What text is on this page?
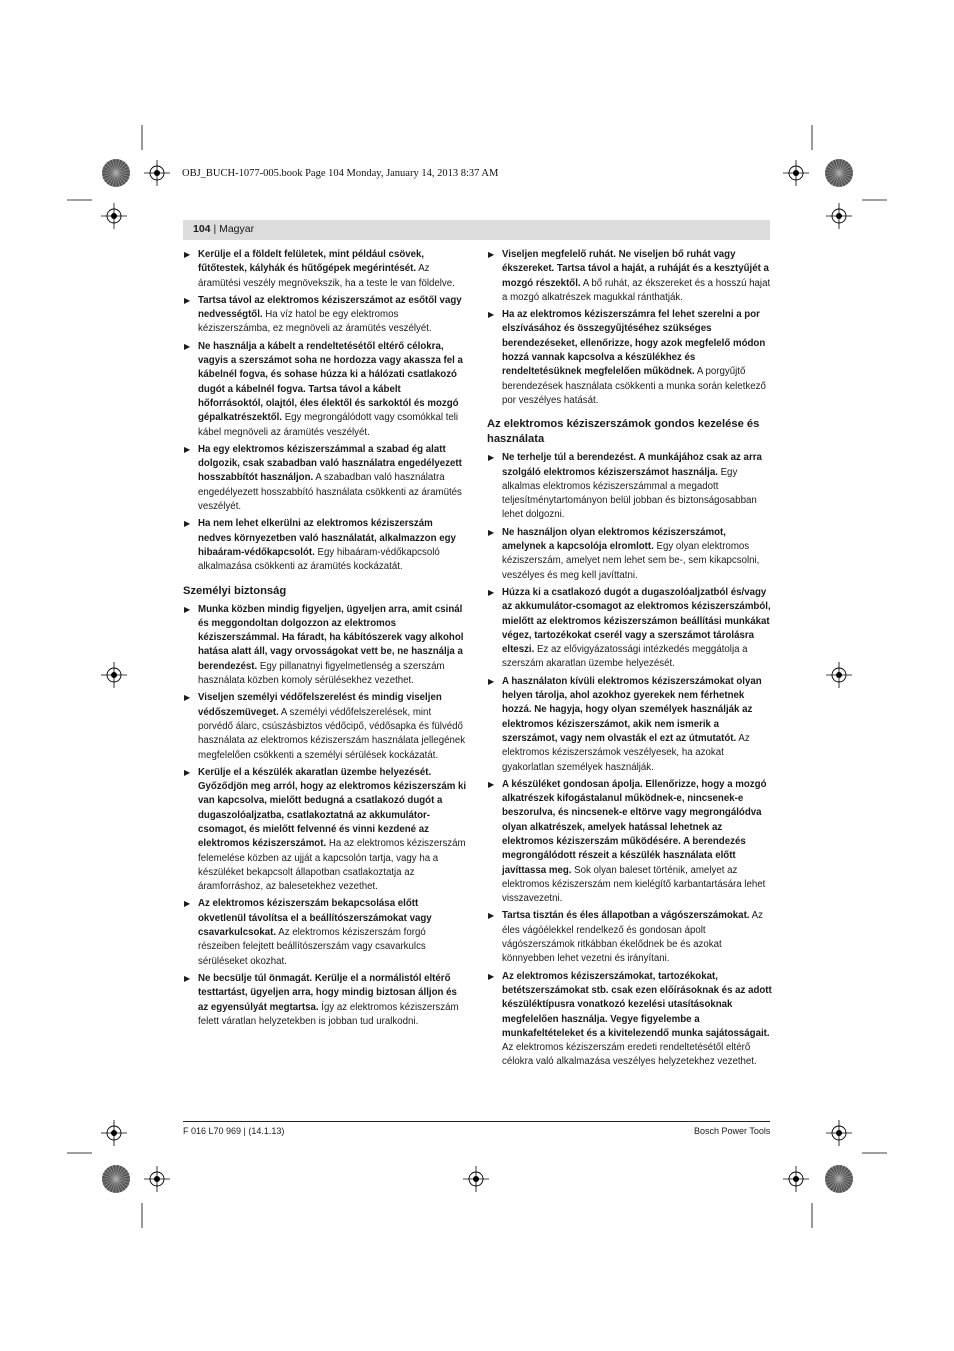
OBJ_BUCH-1077-005.book Page 104 Monday, January 14, 2013 8:37 AM
104 | Magyar
▶ Kerülje el a földelt felületek, mint például csövek, fűtőtestek, kályhák és hűtőgépek megérintését. Az áramütési veszély megnövekszik, ha a teste le van földelve.
▶ Tartsa távol az elektromos kéziszerszámot az esőtől vagy nedvességtől. Ha víz hatol be egy elektromos kéziszerszámba, ez megnöveli az áramütés veszélyét.
▶ Ne használja a kábelt a rendeltetésétől eltérő célokra, vagyis a szerszámot soha ne hordozza vagy akassza fel a kábelnél fogva, és sohase húzza ki a hálózati csatlakozó dugót a kábelnél fogva. Tartsa távol a kábelt hőforrásoktól, olajtól, éles élektől és sarkoktól és mozgó gépalkatrészektől. Egy megrongálódott vagy csomókkal teli kábel megnöveli az áramütés veszélyét.
▶ Ha egy elektromos kéziszerszámmal a szabad ég alatt dolgozik, csak szabadban való használatra engedélyezett hosszabbítót használjon. A szabadban való használatra engedélyezett hosszabbító használata csökkenti az áramütés veszélyét.
▶ Ha nem lehet elkerülni az elektromos kéziszerszám nedves környezetben való használatát, alkalmazzon egy hibaáram-védőkapcsolót. Egy hibaáram-védőkapcsoló alkalmazása csökkenti az áramütés kockázatát.
Személyi biztonság
▶ Munka közben mindig figyeljen, ügyeljen arra, amit csinál és meggondoltan dolgozzon az elektromos kéziszerszámmal. Ha fáradt, ha kábítószerek vagy alkohol hatása alatt áll, vagy orvosságokat vett be, ne használja a berendezést. Egy pillanatnyi figyelmetlenség a szerszám használata közben komoly sérülésekhez vezethet.
▶ Viseljen személyi védőfelszerelést és mindig viseljen védőszemüveget. A személyi védőfelszerelések, mint porvédő álarc, csúszásbiztos védőcipő, védősapka és fülvédő használata az elektromos kéziszerszám használata jellegének megfelelően csökkenti a személyi sérülések kockázatát.
▶ Kerülje el a készülék akaratlan üzembe helyezését. Győződjön meg arról, hogy az elektromos kéziszerszám ki van kapcsolva, mielőtt bedugná a csatlakozó dugót a dugaszolóaljzatba, csatlakoztatná az akkumulátor-csomagot, és mielőtt felvenné és vinni kezdené az elektromos kéziszerszámot. Ha az elektromos kéziszerszám felemelése közben az ujját a kapcsolón tartja, vagy ha a készüléket bekapcsolt állapotban csatlakoztatja az áramforráshoz, az balesetekhez vezethet.
▶ Az elektromos kéziszerszám bekapcsolása előtt okvetlenül távolítsa el a beállítószerszámokat vagy csavarkulcsokat. Az elektromos kéziszerszám forgó részeiben felejtett beállítószerszám vagy csavarkulcs sérüléseket okozhat.
▶ Ne becsülje túl önmagát. Kerülje el a normálistól eltérő testtartást, ügyeljen arra, hogy mindig biztosan álljon és az egyensúlyát megtartsa. Így az elektromos kéziszerszám felett váratlan helyzetekben is jobban tud uralkodni.
▶ Viseljen megfelelő ruhát. Ne viseljen bő ruhát vagy ékszereket. Tartsa távol a haját, a ruháját és a kesztyűjét a mozgó részektől. A bő ruhát, az ékszereket és a hosszú hajat a mozgó alkatrészek magukkal ránthatják.
▶ Ha az elektromos kéziszerszámra fel lehet szerelni a por elszívásához és összegyűjtéséhez szükséges berendezéseket, ellenőrizze, hogy azok megfelelő módon hozzá vannak kapcsolva a készülékhez és rendeltetésüknek megfelelően működnek. A porgyűjtő berendezések használata csökkenti a munka során keletkező por veszélyes hatását.
Az elektromos kéziszerszámok gondos kezelése és használata
▶ Ne terhelje túl a berendezést. A munkájához csak az arra szolgáló elektromos kéziszerszámot használja. Egy alkalmas elektromos kéziszerszámmal a megadott teljesítménytartományon belül jobban és biztonságosabban lehet dolgozni.
▶ Ne használjon olyan elektromos kéziszerszámot, amelynek a kapcsolója elromlott. Egy olyan elektromos kéziszerszám, amelyet nem lehet sem be-, sem kikapcsolni, veszélyes és meg kell javíttatni.
▶ Húzza ki a csatlakozó dugót a dugaszolóaljzatból és/vagy az akkumulátor-csomagot az elektromos kéziszerszámból, mielőtt az elektromos kéziszerszámon beállítási munkákat végez, tartozékokat cserél vagy a szerszámot tárolásra elteszi. Ez az elővigyázatossági intézkedés meggátolja a szerszám akaratlan üzembe helyezését.
▶ A használaton kívüli elektromos kéziszerszámokat olyan helyen tárolja, ahol azokhoz gyerekek nem férhetnek hozzá. Ne hagyja, hogy olyan személyek használják az elektromos kéziszerszámot, akik nem ismerik a szerszámot, vagy nem olvasták el ezt az útmutatót. Az elektromos kéziszerszámok veszélyesek, ha azokat gyakorlatlan személyek használják.
▶ A készüléket gondosan ápolja. Ellenőrizze, hogy a mozgó alkatrészek kifogástalanul működnek-e, nincsenek-e beszorulva, és nincsenek-e eltörve vagy megrongálódva olyan alkatrészek, amelyek hatással lehetnek az elektromos kéziszerszám működésére. A berendezés megrongálódott részeit a készülék használata előtt javíttassa meg. Sok olyan baleset történik, amelyet az elektromos kéziszerszám nem kielégítő karbantartására lehet visszavezetni.
▶ Tartsa tisztán és éles állapotban a vágószerszámokat. Az éles vágóélekkel rendelkező és gondosan ápolt vágószerszámok ritkábban ékelődnek be és azokat könnyebben lehet vezetni és irányítani.
▶ Az elektromos kéziszerszámokat, tartozékokat, betétszerszámokat stb. csak ezen előírásoknak és az adott készüléktípusra vonatkozó kezelési utasításoknak megfelelően használja. Vegye figyelembe a munkafeltételeket és a kivitelezendő munka sajátosságait. Az elektromos kéziszerszám eredeti rendeltetésétől eltérő célokra való alkalmazása veszélyes helyzetekhez vezethet.
F 016 L70 969 | (14.1.13)	Bosch Power Tools
